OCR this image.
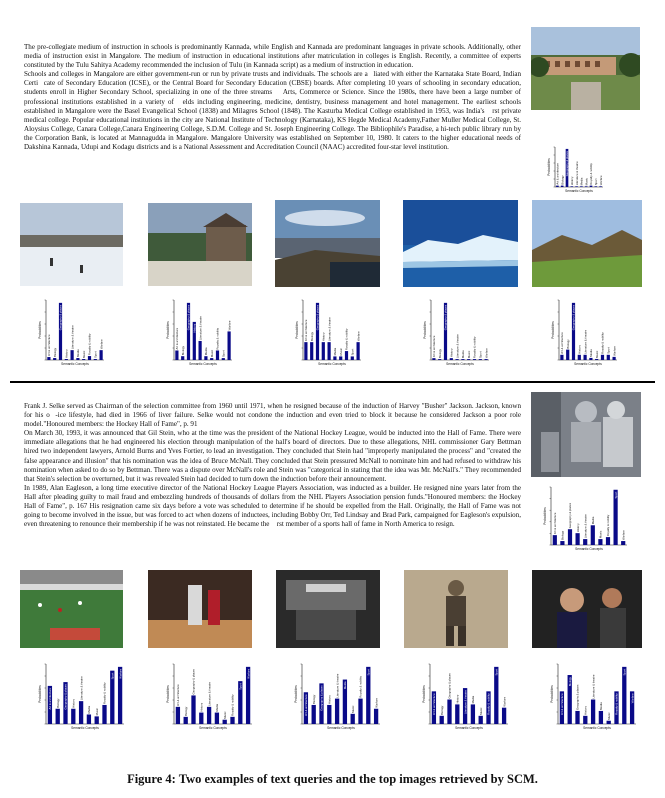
The pre-collegiate medium of instruction in schools is predominantly Kannada, while English and Kannada are predominant languages in private schools. Additionally, other media of instruction exist in Mangalore. The medium of instruction in educational institutions after matriculation in colleges is English. Recently, a committee of experts constituted by the Tulu Sahitya Academy recommended the inclusion of Tulu (in Kannada script) as a medium of instruction in education.

Schools and colleges in Mangalore are either government-run or run by private trusts and individuals. The schools are aliated with either the Karnataka State Board, Indian Certicate of Secondary Education (ICSE), or the Central Board for Secondary Education (CBSE) boards. After completing 10 years of schooling in secondary education, students enroll in Higher Secondary School, specializing in one of the three streams  Arts, Commerce or Science. Since the 1980s, there have been a large number of professional institutions established in a variety of elds including engineering, medicine, dentistry, business management and hotel management. The earliest schools established in Mangalore were the Basel Evangelical School (1838) and Milagres School (1848). The Kasturba Medical College established in 1953, was India's rst private medical college. Popular educational institutions in the city are National Institute of Technology (Karnataka), KS Hegde Medical Academy,Father Muller Medical College, St. Aloysius College, Canara College,Canara Engineering College, S.D.M. College and St. Joseph Engineering College. The Bibliophile's Paradise, a hi-tech public library run by the Corporation Bank, is located at Mannagudda in Mangalore. Mangalore University was established on September 10, 1980. It caters to the higher educational needs of Dakshina Kannada, Udupi and Kodagu districts and is a National Assessment and Accreditation Council (NAAC) accredited four-star level institution.

Probabilities Art & architecture Biology
Geography & places
History Literature & theatre Media Music Royalty & nobility Sport Warfare
Semantic Concepts
Probabilities
Art & architecture Biology
Geography & places
History
Literature & theatre
Media Music Royalty & nobility Sport
Warfare
Semantic Concepts
Probabilities Art & architecture
Biology
Geography & places History Literature & theatre
Media Music
Royalty & nobility
Sport
Warfare
Semantic Concepts
Probabilities Art & architecture Biology
Geography & places
History Literature & theatre
Media Music
Royalty & nobility
Sport
Warfare
Semantic Concepts
Probabilities
Art & architecture Biology
Geography & places
History Literature & theatre Media Music Royalty & nobility Sport Warfare
Semantic Concepts
Probabilities
Art & architecture Biology
Geography & places
History Literature & theatre Media Music
Royalty & nobility Sport Warfare
Semantic Concepts

Frank J. Selke served as Chairman of the selection committee from 1960 until 1971, when he resigned because of the induction of Harvey "Busher" Jackson. Jackson, known for his o-ice lifestyle, had died in 1966 of liver failure. Selke would not condone the induction and even tried to block it because he considered Jackson a poor role model."Honoured members: the Hockey Hall of Fame", p. 91

On March 30, 1993, it was announced that Gil Stein, who at the time was the president of the National Hockey League, would be inducted into the Hall of Fame. There were immediate allegations that he had engineered his election through manipulation of the hall's board of directors. Due to these allegations, NHL commissioner Gary Bettman hired two independent lawyers, Arnold Burns and Yves Fortier, to lead an investigation. They concluded that Stein had "improperly manipulated the process" and "created the false appearance and illusion" that his nomination was the idea of Bruce McNall. They concluded that Stein pressured McNall to nominate him and had refused to withdraw his nomination when asked to do so by Bettman. There was a dispute over McNall's role and Stein was "categorical in stating that the idea was Mr. McNall's." They recommended that Stein's selection be overturned, but it was revealed Stein had decided to turn down the induction before their announcement.

In 1989, Alan Eagleson, a long time executive director of the National Hockey League Players Association, was inducted as a builder. He resigned nine years later from the Hall after pleading guilty to mail fraud and embezzling hundreds of thousands of dollars from the NHL Players Association pension funds."Honoured members: the Hockey Hall of Fame", p. 167 His resignation came six days before a vote was scheduled to determine if he should be expelled from the Hall. Originally, the Hall of Fame was not going to become involved in the issue, but was forced to act when dozens of inductees, including Bobby Orr, Ted Lindsay and Brad Park, campaigned for Eagleson's expulsion, even threatening to renounce their membership if he was not reinstated. He became the rst member of a sports hall of fame in North America to resign.	Probabilities Art & architecture
Biology
Geography & places History Literature & theatre Media
Music Royalty & nobility
Sport
Warfare
Semantic Concepts
Probabilities Art & architecture Biology Geography & places History
Literature & theatre
Media Music
Royalty & nobility
Sport Warfare
Semantic Concepts
Probabilities Art & architecture
Biology
Geography & places
History
Literature & theatre
Media
Music Royalty & nobility
Sport
Warfare
Semantic Concepts
Probabilities
Art & architecture Biology Geography & places History
Literature & theatre Media
Music
Royalty & nobility
Sport
Warfare
Semantic Concepts
Probabilities Art & architecture Biology
Geography & places
History Literature & theatre Media
Music Royalty & nobility
Sport
Warfare
Semantic Concepts
Probabilities Art & architecture
Biology
Geography & places
History
Literature & theatre
Media
Music
Royalty & nobility
Sport
Warfare
Semantic Concepts
Figure 4: Two examples of text queries and the top images retrieved by SCM.
